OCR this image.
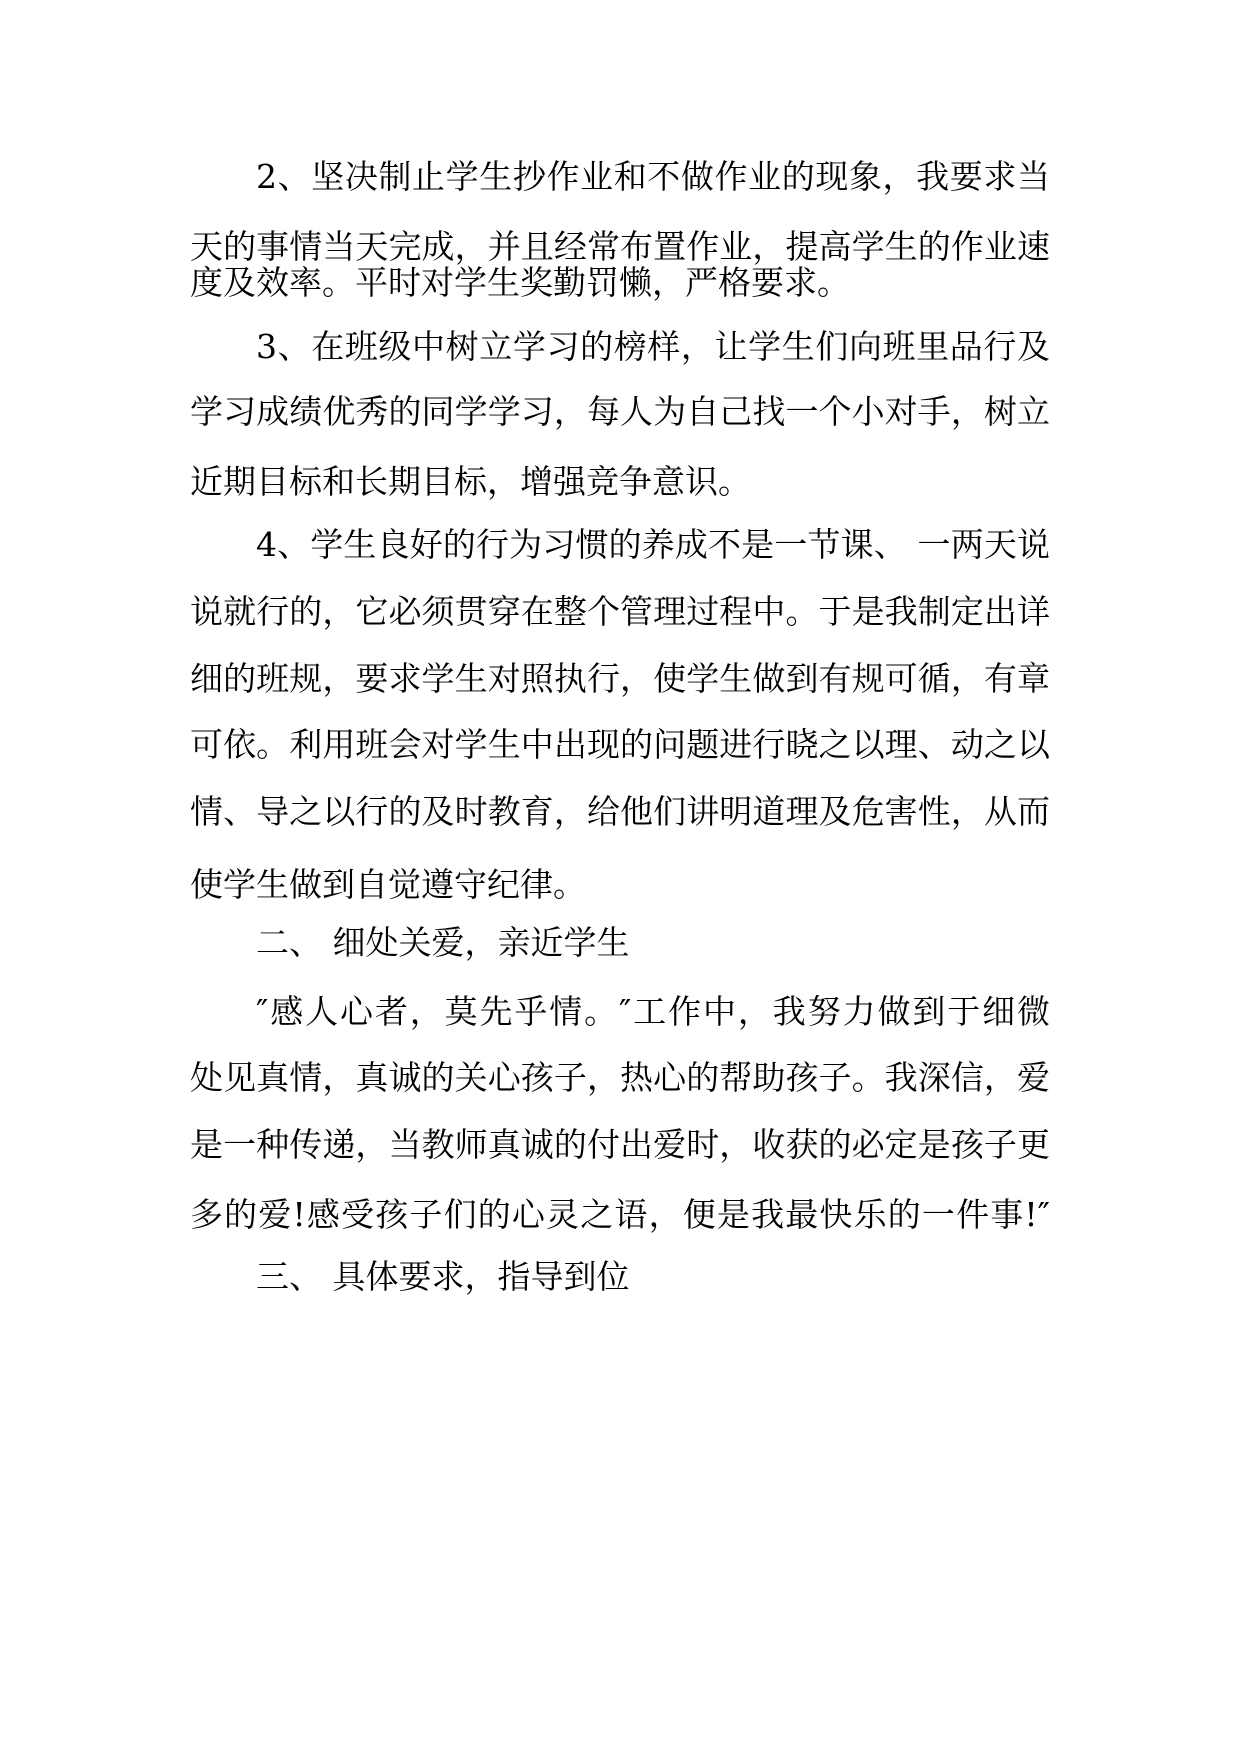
2、坚决制止学生抄作业和不做作业的现象，我要求当
天的事情当天完成，并且经常布置作业，提高学生的作业速
度及效率。平时对学生奖勤罚懒，严格要求。
3、在班级中树立学习的榜样，让学生们向班里品行及
学习成绩优秀的同学学习，每人为自己找一个小对手，树立
近期目标和长期目标，增强竞争意识。
4、学生良好的行为习惯的养成不是一节课、 一两天说
说就行的，它必须贯穿在整个管理过程中。于是我制定出详
细的班规，要求学生对照执行，使学生做到有规可循，有章
可依。利用班会对学生中出现的问题进行晓之以理、动之以
情、导之以行的及时教育，给他们讲明道理及危害性，从而
使学生做到自觉遵守纪律。
二、 细处关爱，亲近学生
″感人心者，莫先乎情。″工作中，我努力做到于细微
处见真情，真诚的关心孩子，热心的帮助孩子。我深信，爱
是一种传递，当教师真诚的付出爱时，收获的必定是孩子更
多的爱!感受孩子们的心灵之语，便是我最快乐的一件事!″
三、 具体要求，指导到位
